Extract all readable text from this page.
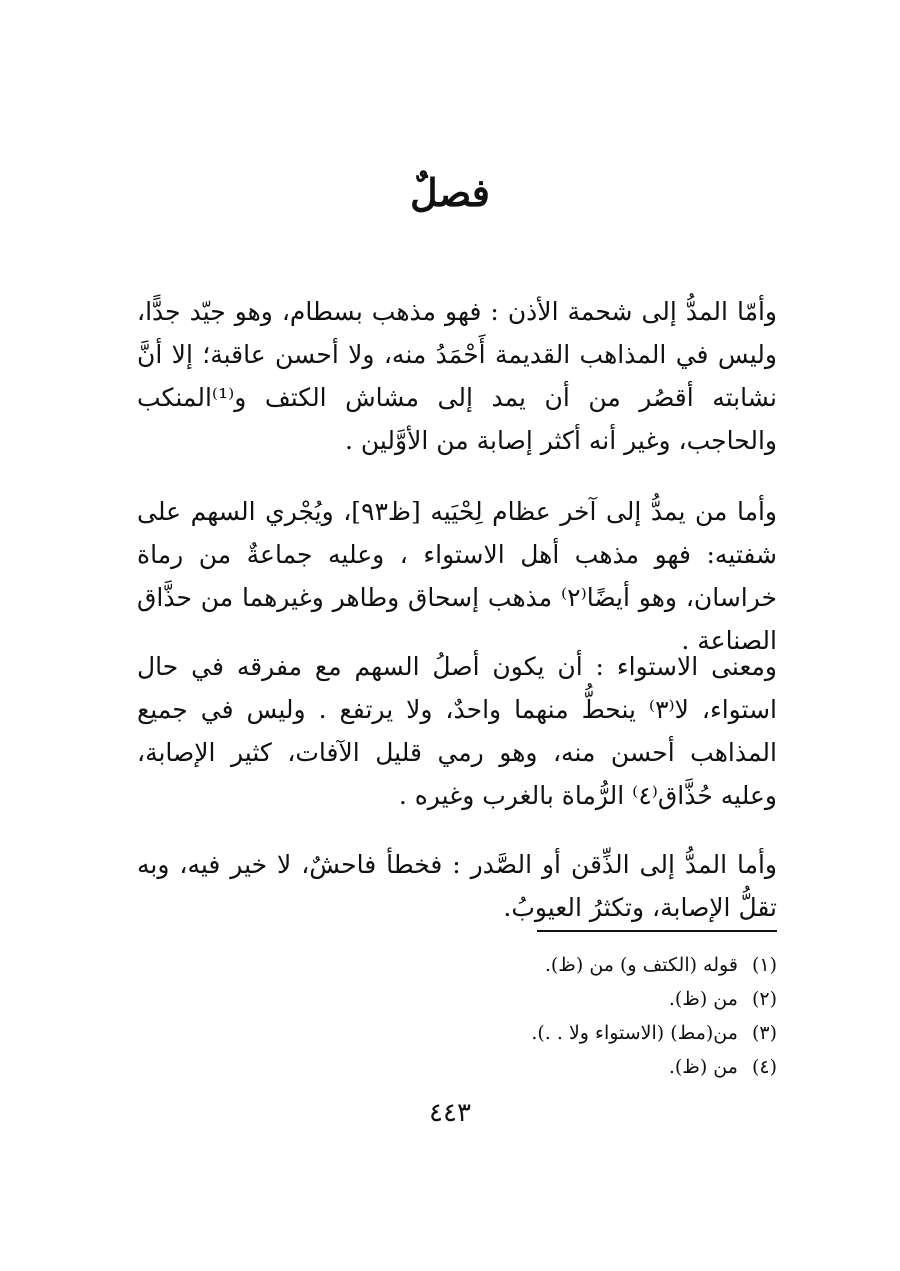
فصلٌ

وأمّا المدُّ إلى شحمة الأذن : فهو مذهب بسطام، وهو جيّد جدًّا، وليس في المذاهب القديمة أَحْمَدُ منه، ولا أحسن عاقبة؛ إلا أنَّ نشابته أقصُر من أن يمد إلى مشاش الكتف و⁽¹⁾المنكب والحاجب، وغير أنه أكثر إصابة من الأوَّلين .

وأما من يمدُّ إلى آخر عظام لِحْيَيه [ظ٩٣]، ويُجْري السهم على شفتيه: فهو مذهب أهل الاستواء ، وعليه جماعةٌ من رماة خراسان، وهو أيضًا⁽٢⁾ مذهب إسحاق وطاهر وغيرهما من حذَّاق الصناعة .

ومعنى الاستواء : أن يكون أصلُ السهم مع مفرقه في حال استواء، لا⁽٣⁾ ينحطُّ منهما واحدٌ، ولا يرتفع . وليس في جميع المذاهب أحسن منه، وهو رمي قليل الآفات، كثير الإصابة، وعليه حُذَّاق⁽٤⁾ الرُّماة بالغرب وغيره .

وأما المدُّ إلى الذِّقن أو الصَّدر : فخطأ فاحشٌ، لا خير فيه، وبه تقلُّ الإصابة، وتكثرُ العيوبُ.

(١)
قوله (الكتف و) من (ظ).
(٢)
من (ظ).
(٣)
من(مط) (الاستواء ولا . .).
(٤)
من (ظ).
٤٤٣
